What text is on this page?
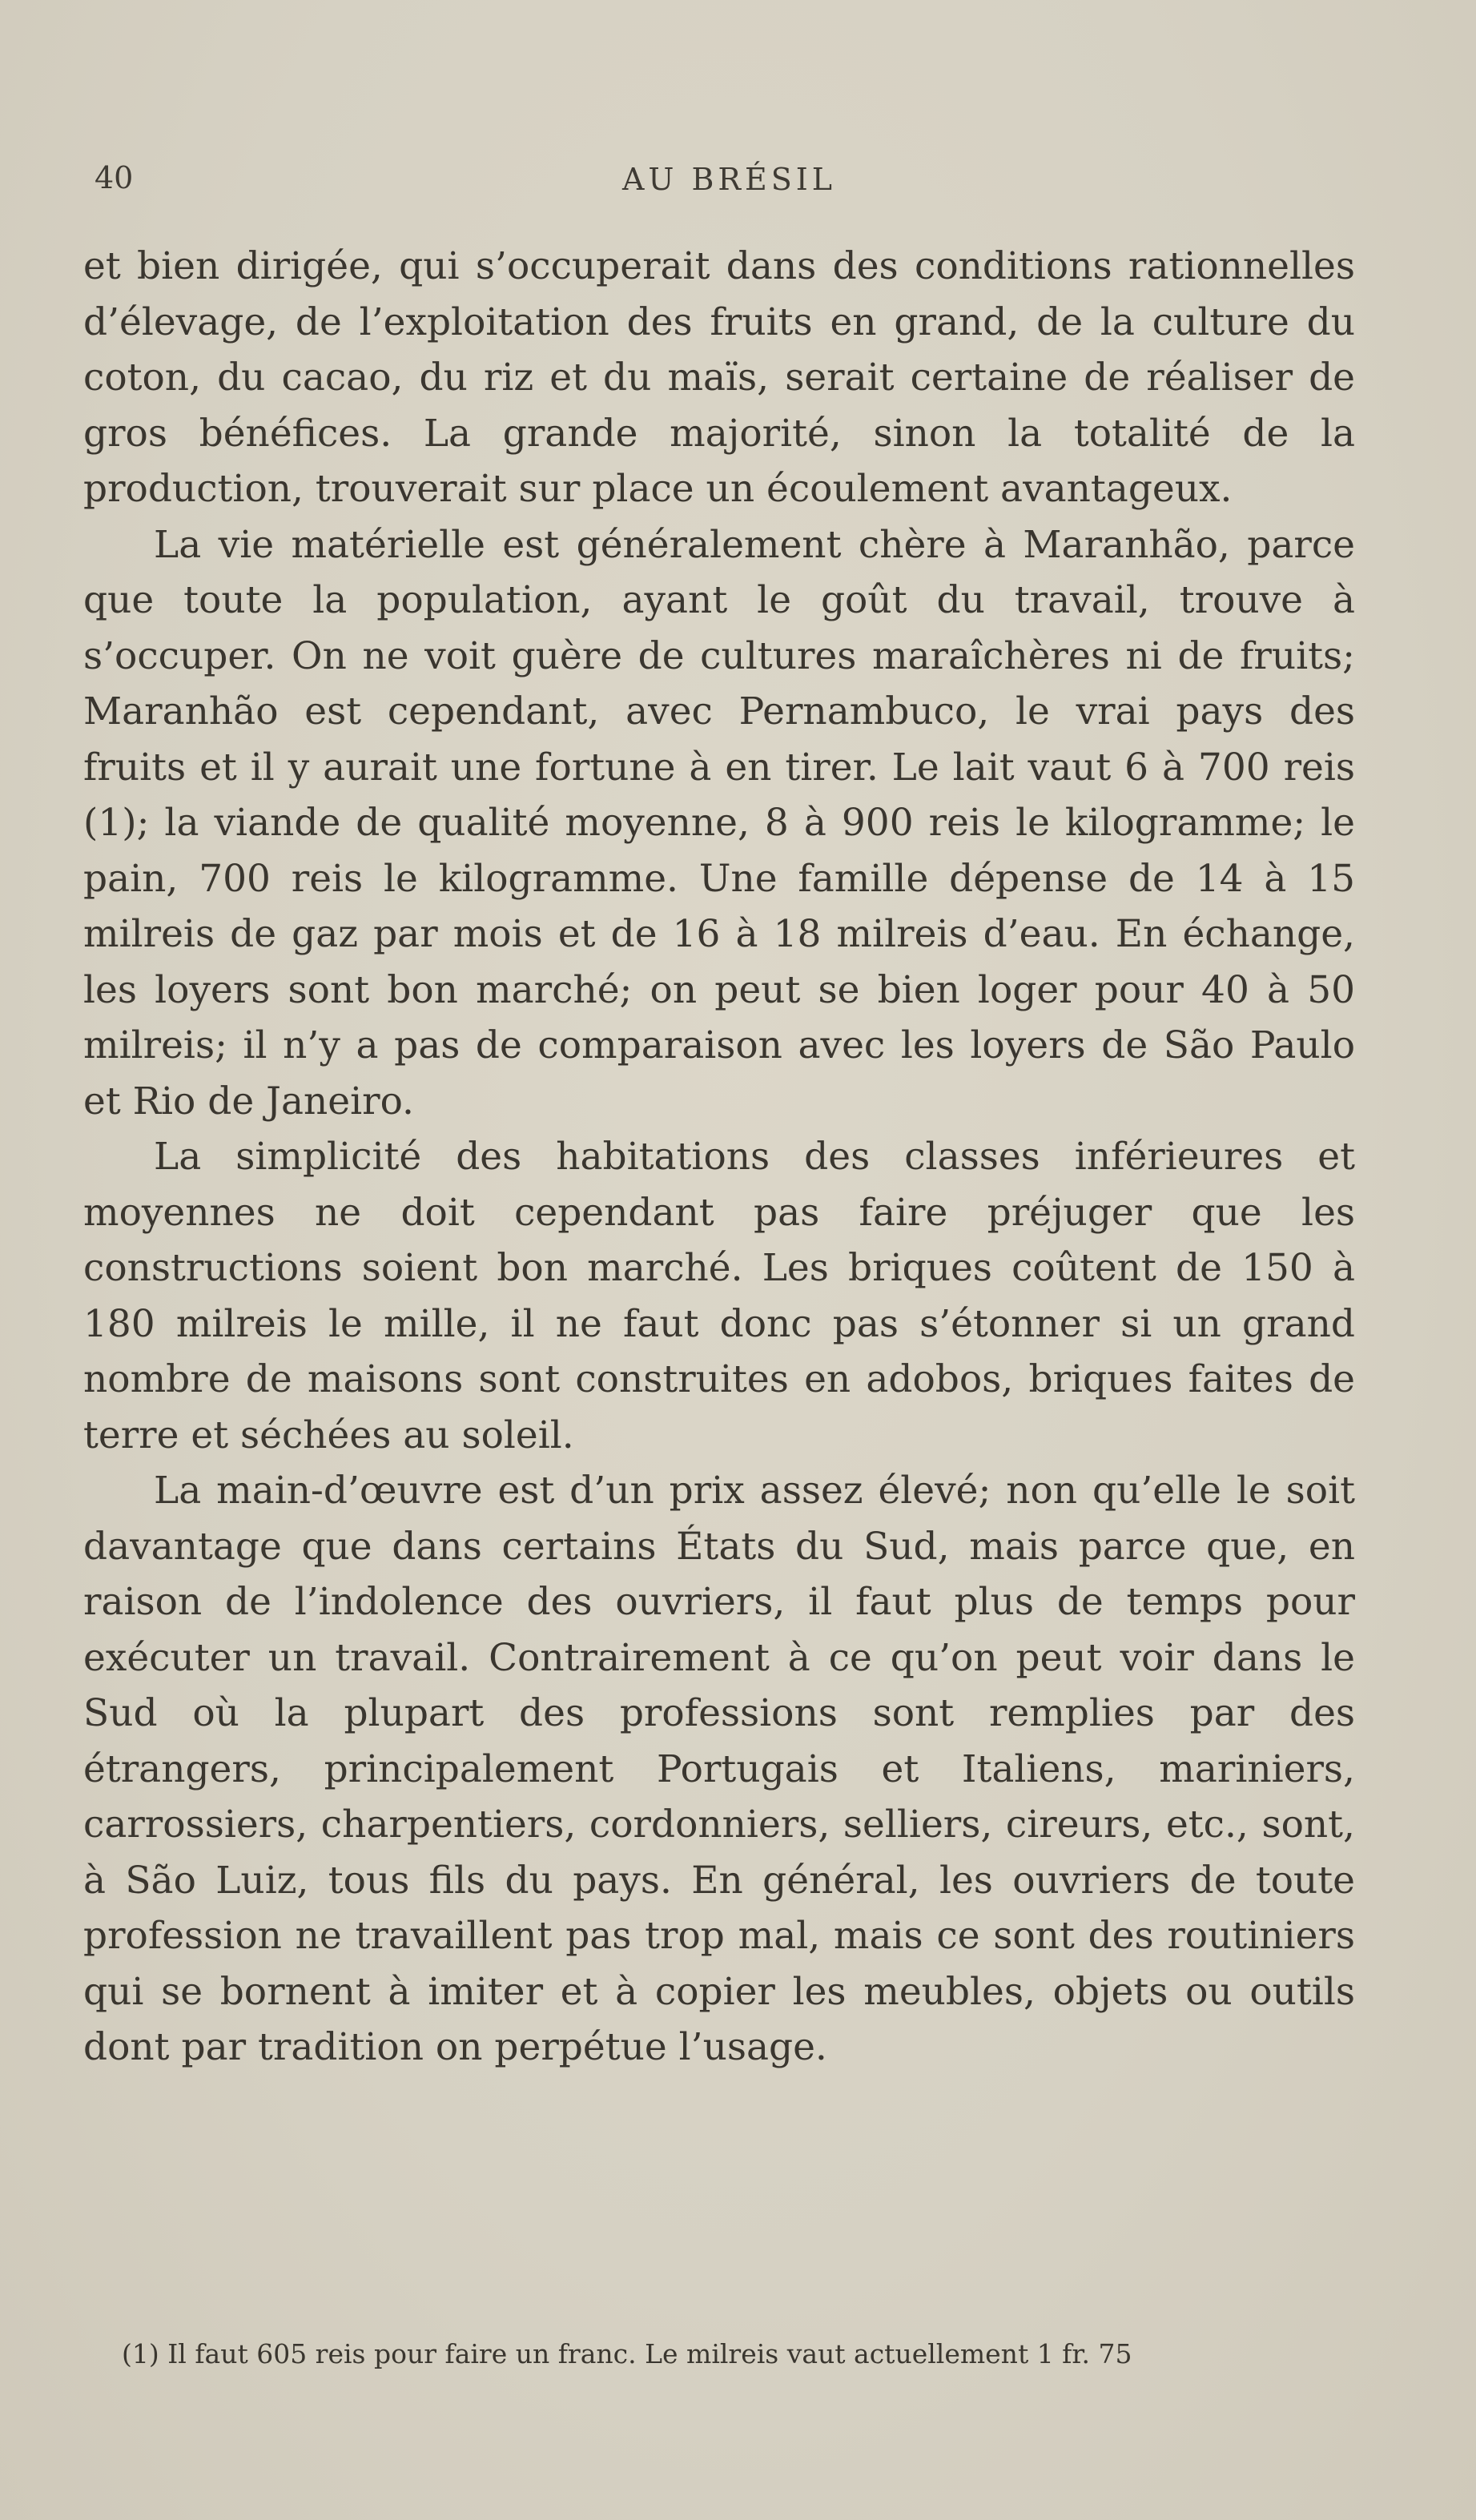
40	AU BRÉSIL

et bien dirigée, qui s’occuperait dans des conditions rationnelles d’élevage, de l’exploitation des fruits en grand, de la culture du coton, du cacao, du riz et du maïs, serait certaine de réaliser de gros bénéfices. La grande majorité, sinon la totalité de la production, trouverait sur place un écoulement avantageux.

La vie matérielle est généralement chère à Maranhão, parce que toute la population, ayant le goût du travail, trouve à s’occuper. On ne voit guère de cultures maraîchères ni de fruits; Maranhão est cependant, avec Pernambuco, le vrai pays des fruits et il y aurait une fortune à en tirer. Le lait vaut 6 à 700 reis (1); la viande de qualité moyenne, 8 à 900 reis le kilogramme; le pain, 700 reis le kilogramme. Une famille dépense de 14 à 15 milreis de gaz par mois et de 16 à 18 milreis d’eau. En échange, les loyers sont bon marché; on peut se bien loger pour 40 à 50 milreis; il n’y a pas de comparaison avec les loyers de São Paulo et Rio de Janeiro.

La simplicité des habitations des classes inférieures et moyennes ne doit cependant pas faire préjuger que les constructions soient bon marché. Les briques coûtent de 150 à 180 milreis le mille, il ne faut donc pas s’étonner si un grand nombre de maisons sont construites en adobos, briques faites de terre et séchées au soleil.

La main-d’œuvre est d’un prix assez élevé; non qu’elle le soit davantage que dans certains États du Sud, mais parce que, en raison de l’indolence des ouvriers, il faut plus de temps pour exécuter un travail. Contrairement à ce qu’on peut voir dans le Sud où la plupart des professions sont remplies par des étrangers, principalement Portugais et Italiens, mariniers, carrossiers, charpentiers, cordonniers, selliers, cireurs, etc., sont, à São Luiz, tous fils du pays. En général, les ouvriers de toute profession ne travaillent pas trop mal, mais ce sont des routiniers qui se bornent à imiter et à copier les meubles, objets ou outils dont par tradition on perpétue l’usage.

(1) Il faut 605 reis pour faire un franc. Le milreis vaut actuellement 1 fr. 75
